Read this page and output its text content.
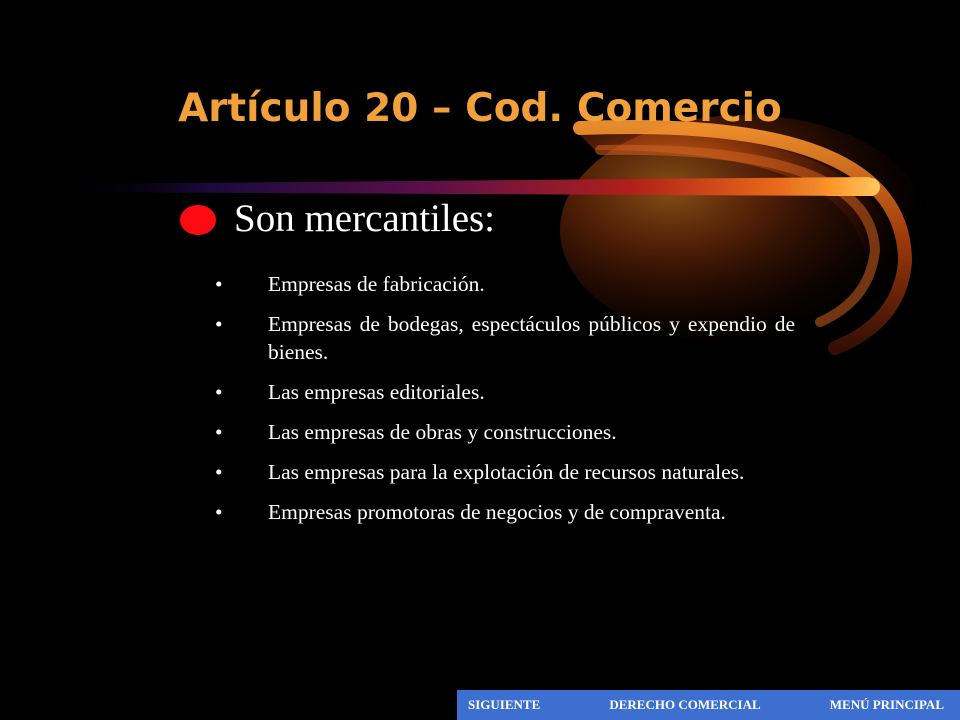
Artículo 20 – Cod. Comercio
Son mercantiles:
• Empresas de fabricación.
• Empresas de bodegas, espectáculos públicos y expendio de bienes.
• Las empresas editoriales.
• Las empresas de obras y construcciones.
• Las empresas para la explotación de recursos naturales.
• Empresas promotoras de negocios y de compraventa.
SIGUIENTE	DERECHO COMERCIAL	MENÚ PRINCIPAL
